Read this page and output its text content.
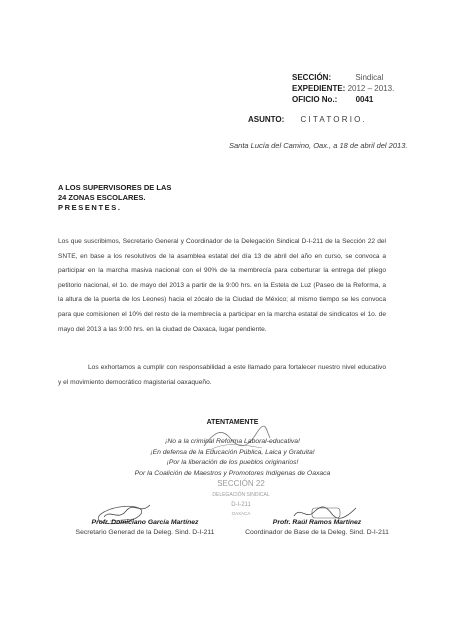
SECCIÓN:	Sindical
EXPEDIENTE: 2012 – 2013.
OFICIO No.: 0041
ASUNTO: CITATORIO.
Santa Lucía del Camino, Oax., a 18 de abril del 2013.
A LOS SUPERVISORES DE LAS
24 ZONAS ESCOLARES.
PRESENTES.
Los que suscribimos, Secretario General y Coordinador de la Delegación Sindical D-I-211 de la Sección 22 del SNTE, en base a los resolutivos de la asamblea estatal del día 13 de abril del año en curso, se convoca a participar en la marcha masiva nacional con el 90% de la membrecía para coberturar la entrega del pliego petitorio nacional, el 1o. de mayo del 2013 a partir de la 9:00 hrs. en la Estela de Luz (Paseo de la Reforma, a la altura de la puerta de los Leones) hacia el zócalo de la Ciudad de México; al mismo tiempo se les convoca para que comisionen el 10% del resto de la membrecía a participar en la marcha estatal de sindicatos el 1o. de mayo del 2013 a las 9:00 hrs. en la ciudad de Oaxaca, lugar pendiente.
Los exhortamos a cumplir con responsabilidad a este llamado para fortalecer nuestro nivel educativo y el movimiento democrático magisterial oaxaqueño.
ATENTAMENTE
¡No a la criminal Reforma Laboral-educativa!
¡En defensa de la Educación Pública, Laica y Gratuita!
¡Por la liberación de los pueblos originarios!
Por la Coalición de Maestros y Promotores Indígenas de Oaxaca
SECCIÓN 22
DELEGACIÓN SINDICAL
D-I-211
OAXACA
Profr. Domiciano García Martínez
Secretario Generad de la Deleg. Sind. D-I-211
Profr. Raúl Ramos Martínez
Coordinador de Base de la Deleg. Sind. D-I-211
